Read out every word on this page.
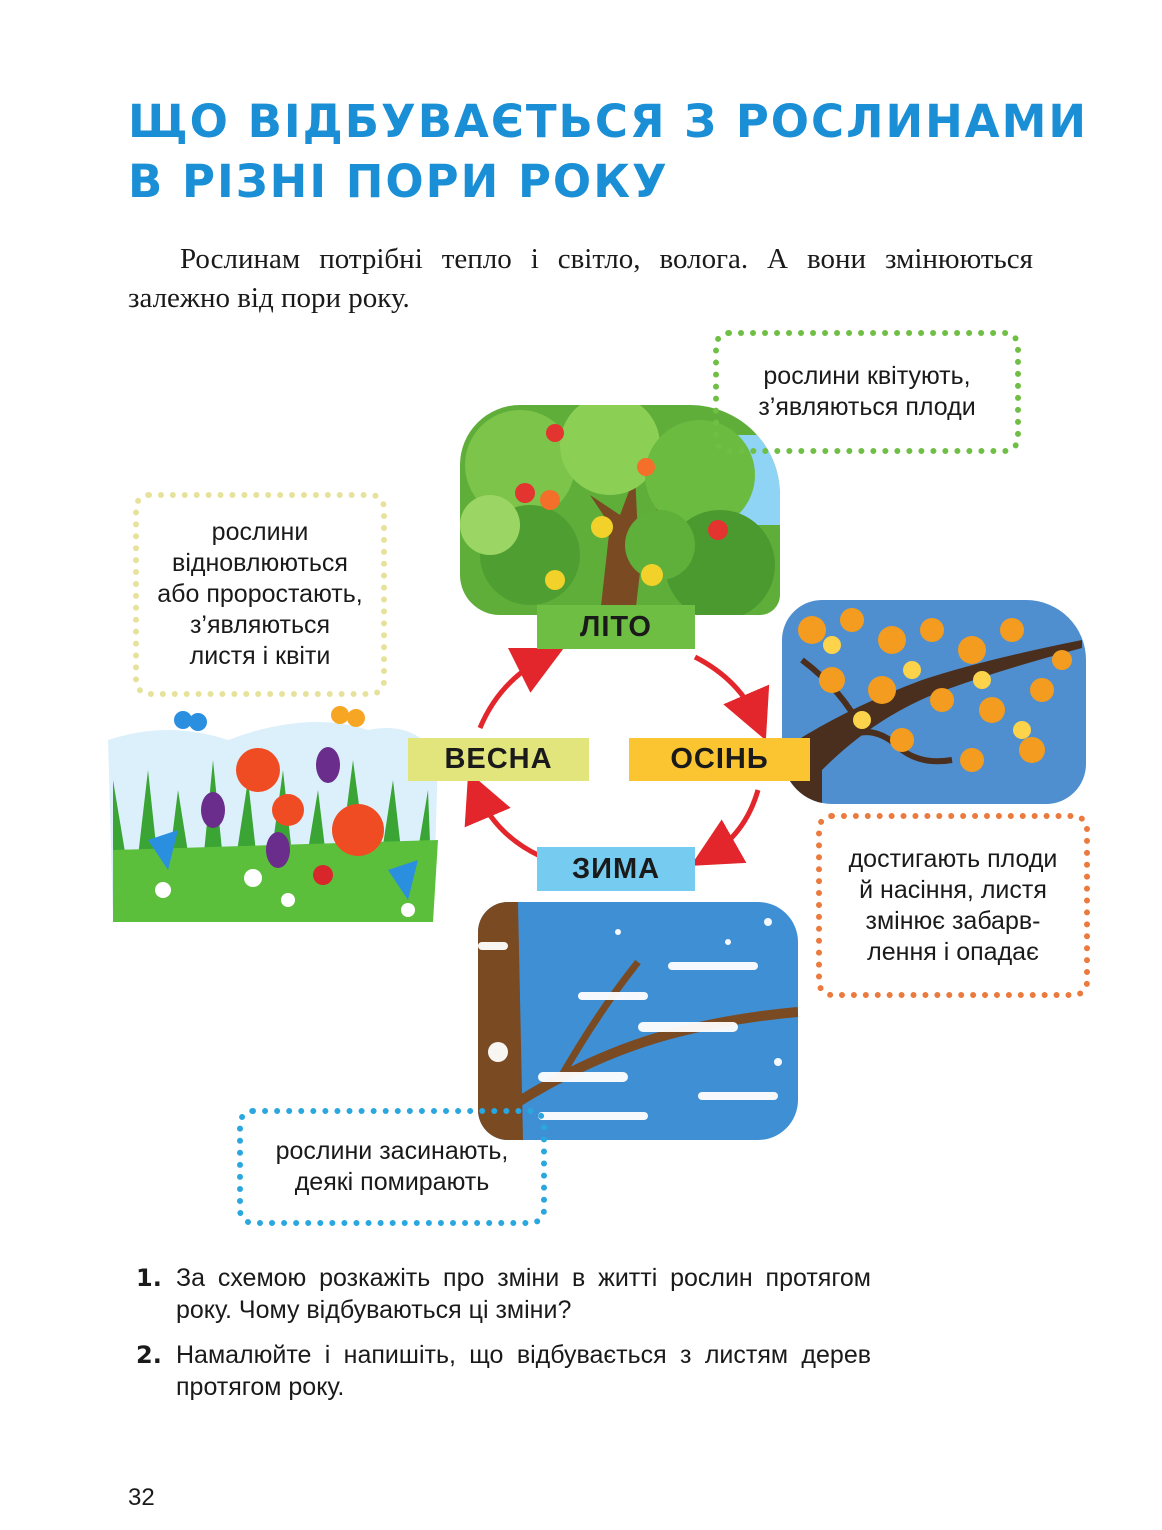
ЩО ВІДБУВАЄТЬСЯ З РОСЛИНАМИ
В РІЗНІ ПОРИ РОКУ
Рослинам потрібні тепло і світло, волога. А вони змінюються залежно від пори року.
ЛІТО
ВЕСНА	ОСІНЬ
ЗИМА
рослини квітують,
з’являються плоди
рослини
відновлюються
або проростають,
з’являються
листя і квіти
достигають плоди
й насіння, листя
змінює забарв-
лення і опадає
рослини засинають,
деякі помирають
1. За схемою розкажіть про зміни в житті рослин протягом року. Чому відбуваються ці зміни?
2. Намалюйте і напишіть, що відбувається з листям дерев протягом року.
32
